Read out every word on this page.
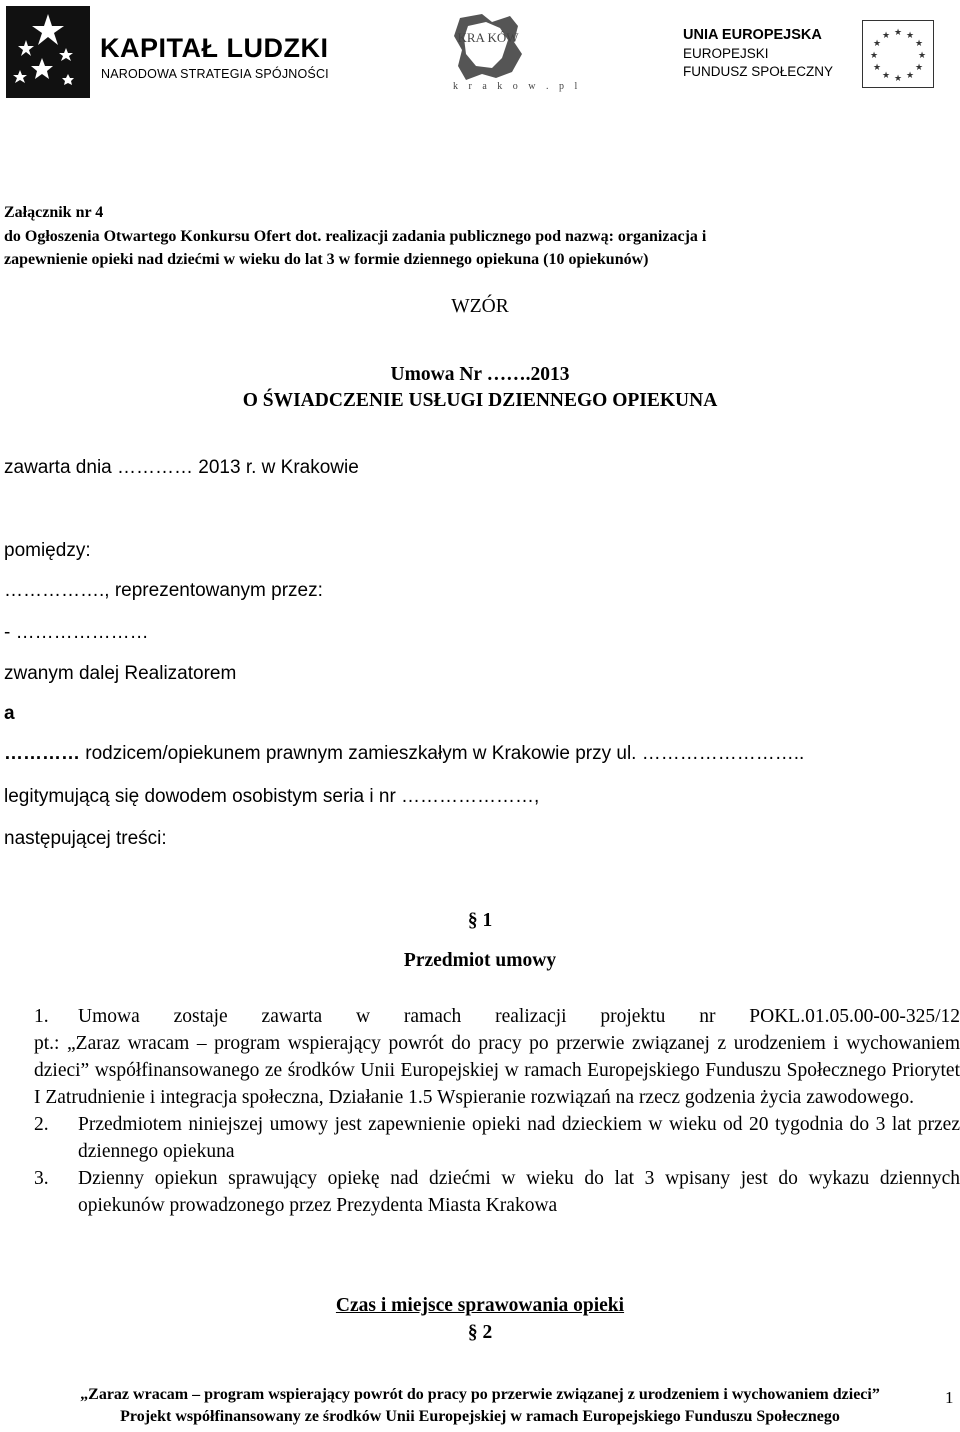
KAPITAŁ LUDZKI
NARODOWA STRATEGIA SPÓJNOŚCI
KRA KÓW
k r a k o w . p l
UNIA EUROPEJSKA
EUROPEJSKI
FUNDUSZ SPOŁECZNY
★ ★
★
★
★
★
★
★
★
★
★
★
Załącznik nr 4
do Ogłoszenia Otwartego Konkursu Ofert dot. realizacji zadania publicznego pod nazwą: organizacja i
zapewnienie opieki nad dziećmi w wieku do lat 3 w formie dziennego opiekuna (10 opiekunów)
WZÓR
Umowa Nr …….2013
O ŚWIADCZENIE USŁUGI DZIENNEGO OPIEKUNA
zawarta dnia ………… 2013 r. w Krakowie
pomiędzy:
……………., reprezentowanym przez:
- …………………
zwanym dalej Realizatorem
a
………… rodzicem/opiekunem prawnym zamieszkałym w Krakowie przy ul. ……………………..
legitymującą się dowodem osobistym seria i nr …………………,
następującej treści:
§ 1
Przedmiot umowy
1. Umowa zostaje zawarta w ramach realizacji projektu nr POKL.01.05.00-00-325/12
pt.: „Zaraz wracam – program wspierający powrót do pracy po przerwie związanej z urodzeniem i wychowaniem dzieci” współfinansowanego ze środków Unii Europejskiej w ramach Europejskiego Funduszu Społecznego Priorytet I Zatrudnienie i integracja społeczna, Działanie 1.5 Wspieranie rozwiązań na rzecz godzenia życia zawodowego.
2. Przedmiotem niniejszej umowy jest zapewnienie opieki nad dzieckiem w wieku od 20 tygodnia do 3 lat przez dziennego opiekuna
3. Dzienny opiekun sprawujący opiekę nad dziećmi w wieku do lat 3 wpisany jest do wykazu dziennych opiekunów prowadzonego przez Prezydenta Miasta Krakowa
Czas i miejsce sprawowania opieki
§ 2
„Zaraz wracam – program wspierający powrót do pracy po przerwie związanej z urodzeniem i wychowaniem dzieci”
Projekt współfinansowany ze środków Unii Europejskiej w ramach Europejskiego Funduszu Społecznego
1
